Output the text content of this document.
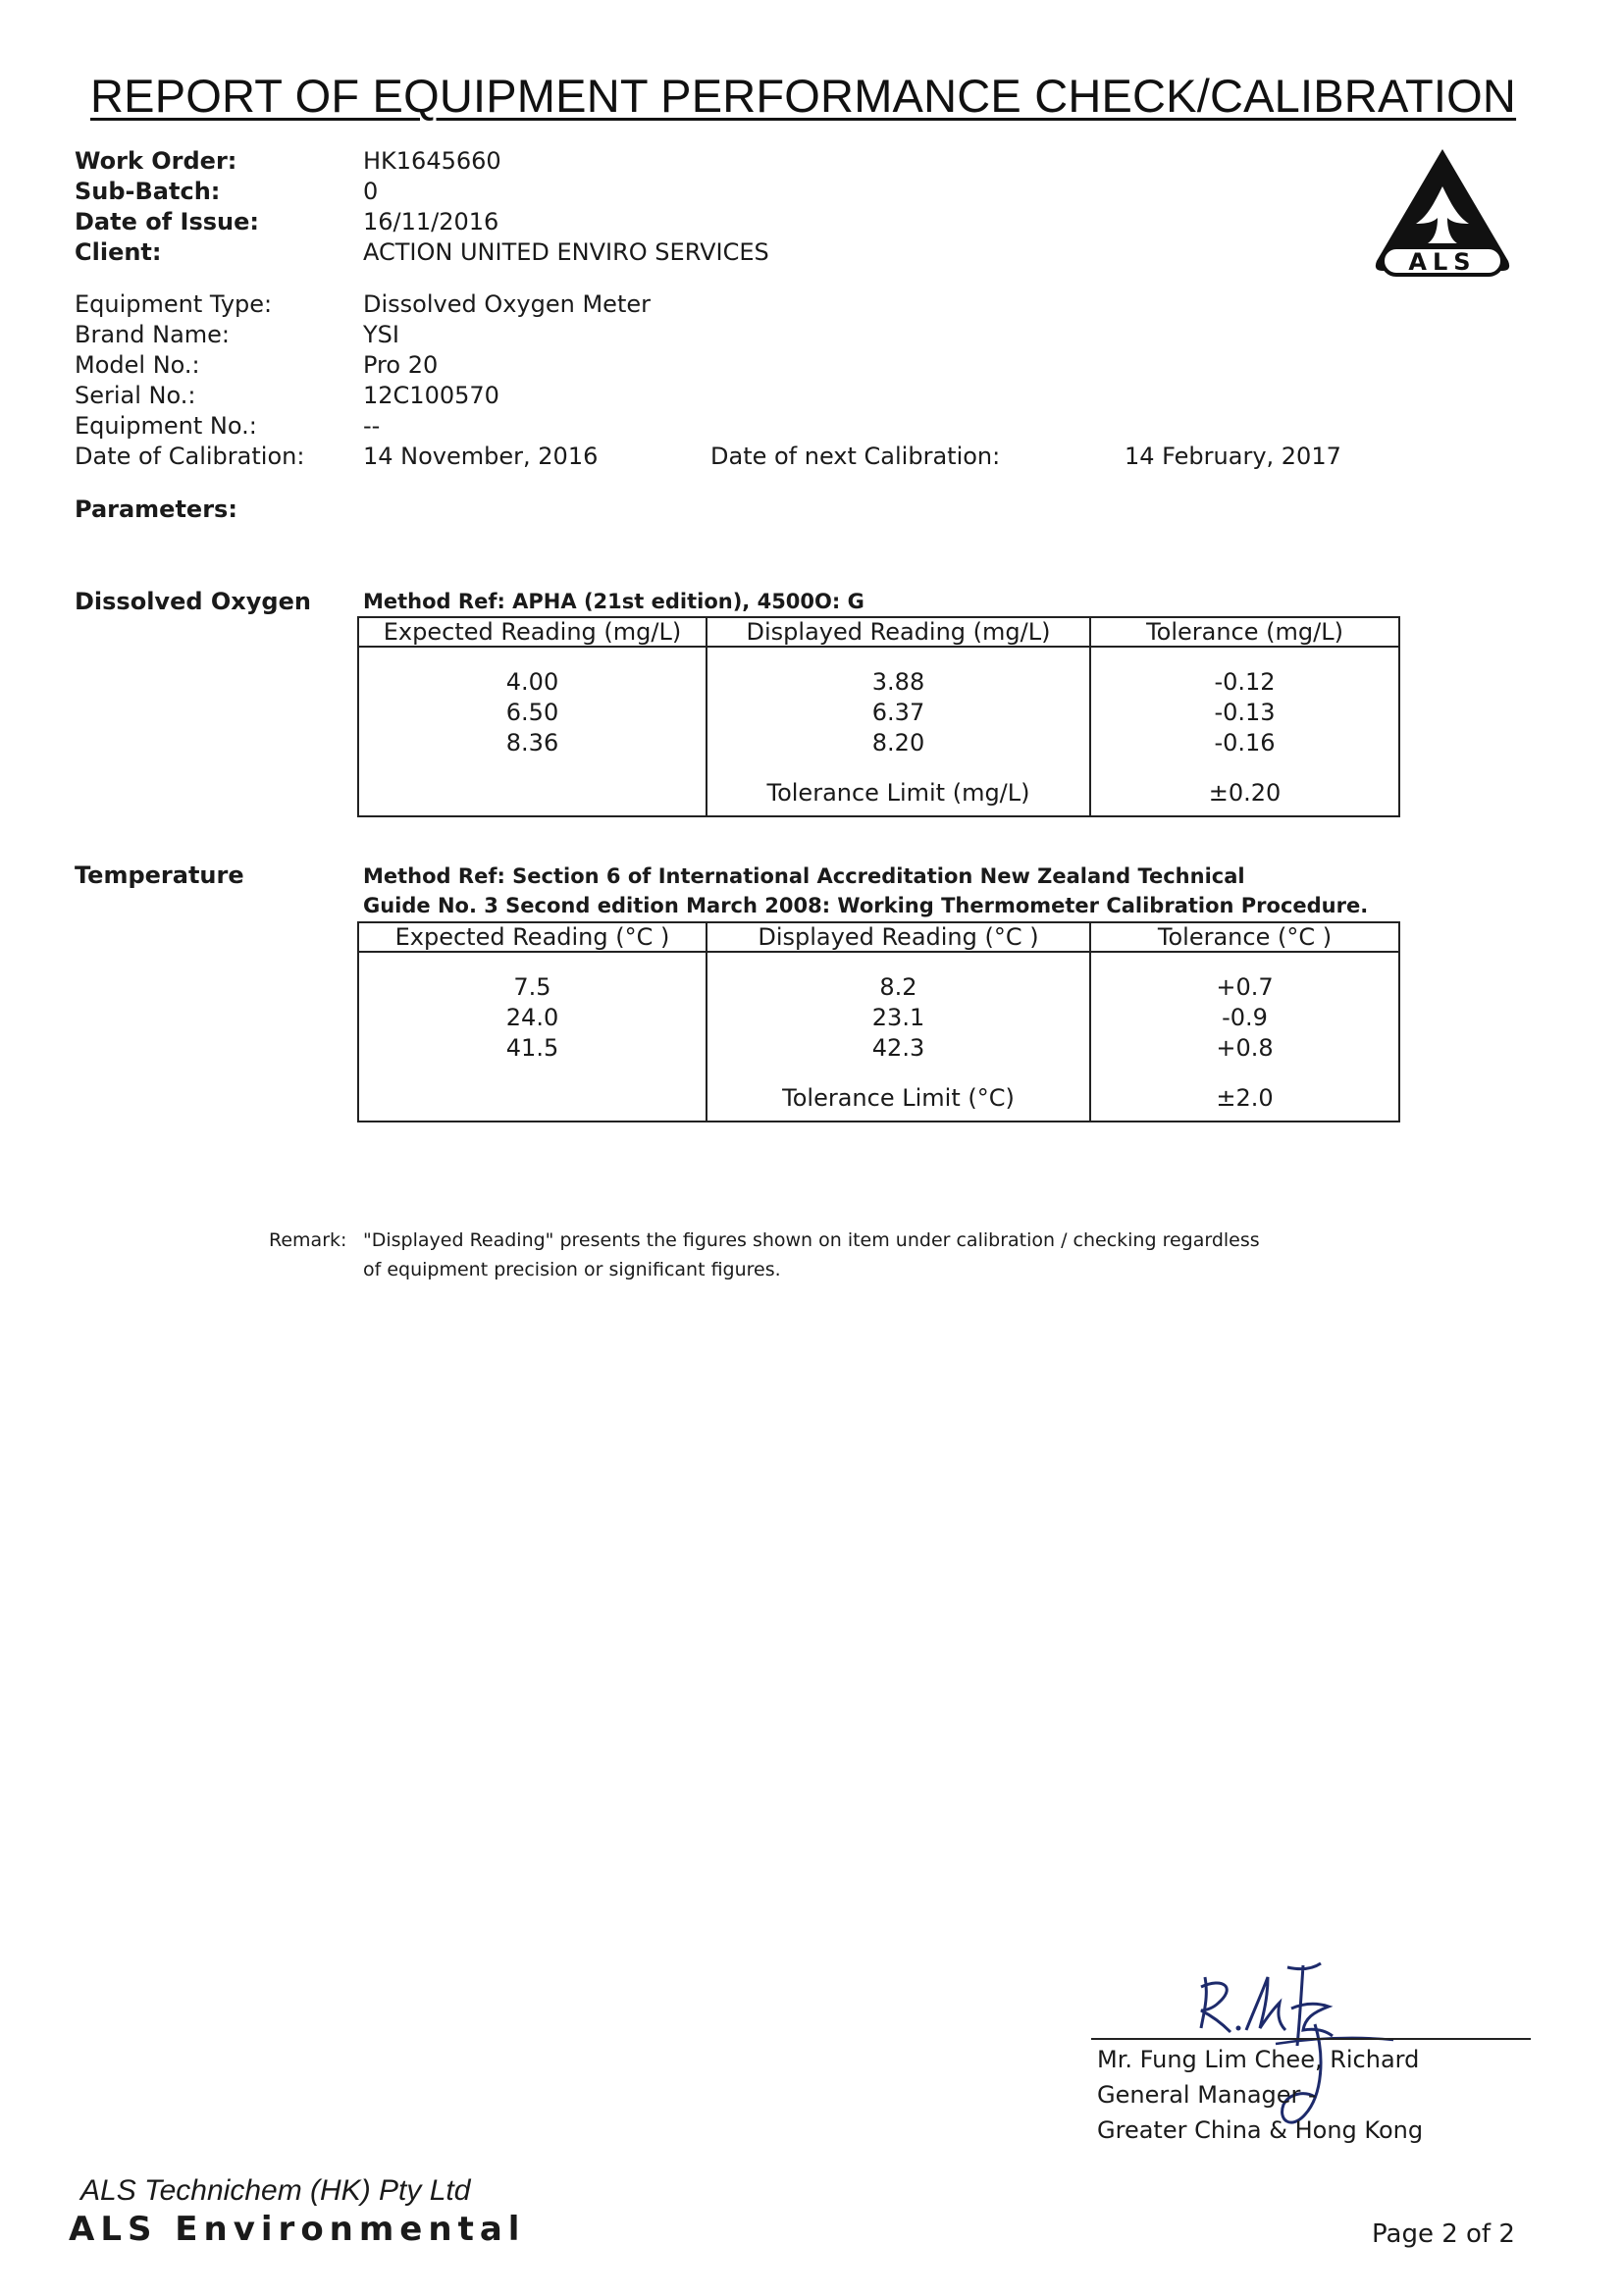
REPORT OF EQUIPMENT PERFORMANCE CHECK/CALIBRATION
Work Order:	HK1645660
Sub-Batch:	0
Date of Issue:	16/11/2016
Client:	ACTION UNITED ENVIRO SERVICES	ALS
Equipment Type:	Dissolved Oxygen Meter
Brand Name:	YSI
Model No.:	Pro 20
Serial No.:	12C100570
Equipment No.:	--
Date of Calibration: 14 November, 2016	Date of next Calibration:	14 February, 2017
Parameters:
Dissolved Oxygen	Method Ref: APHA (21st edition), 4500O: G
Expected Reading (mg/L)	Displayed Reading (mg/L)	Tolerance (mg/L)

4.00	3.88	-0.12
6.50	6.37	-0.13
8.36	8.20	-0.16

	Tolerance Limit (mg/L)	±0.20
Temperature	Method Ref: Section 6 of International Accreditation New Zealand Technical
Guide No. 3 Second edition March 2008: Working Thermometer Calibration Procedure.
Expected Reading (°C )	Displayed Reading (°C )	Tolerance (°C )

7.5	8.2	+0.7
24.0	23.1	-0.9
41.5	42.3	+0.8

	Tolerance Limit (°C)	±2.0
Remark: "Displayed Reading" presents the figures shown on item under calibration / checking regardless
of equipment precision or significant figures.
Mr. Fung Lim Chee, Richard
General Manager -
Greater China & Hong Kong
ALS Technichem (HK) Pty Ltd
ALS Environmental	Page 2 of 2
